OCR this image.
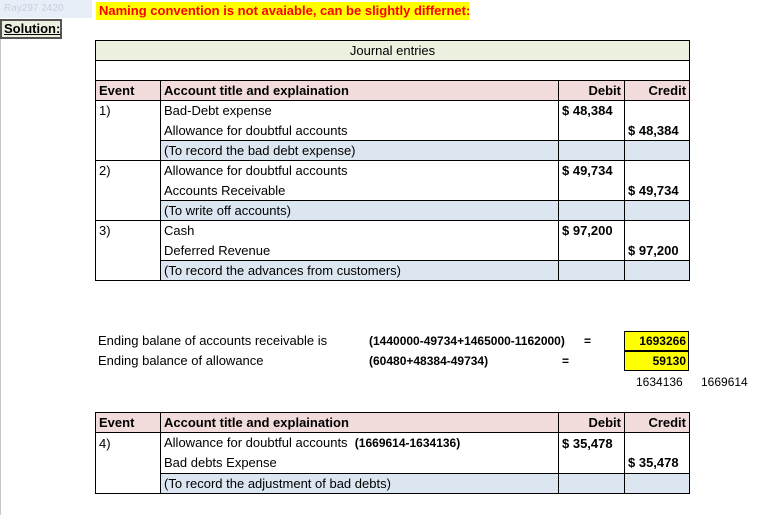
Ray297 2420	Naming convention is not avaiable, can be slightly differnet:
Solution:
Journal entries			

Event	Account title and explaination	Debit	Credit
1)	Bad-Debt expense	$ 48,384	
	Allowance for doubtful accounts		$ 48,384
	(To record the bad debt expense)		
2)	Allowance for doubtful accounts	$ 49,734	
	Accounts Receivable		$ 49,734
	(To write off accounts)		
3)	Cash	$ 97,200	
	Deferred Revenue		$ 97,200
	(To record the advances from customers)		
Ending balane of accounts receivable is	(1440000-49734+1465000-1162000) =	1693266
Ending balance of allowance	(60480+48384-49734)	=	59130
1634136 1669614
Event	Account title and explaination	Debit	Credit
4)	Allowance for doubtful accounts (1669614-1634136)	$ 35,478	
	Bad debts Expense		$ 35,478
	(To record the adjustment of bad debts)		
